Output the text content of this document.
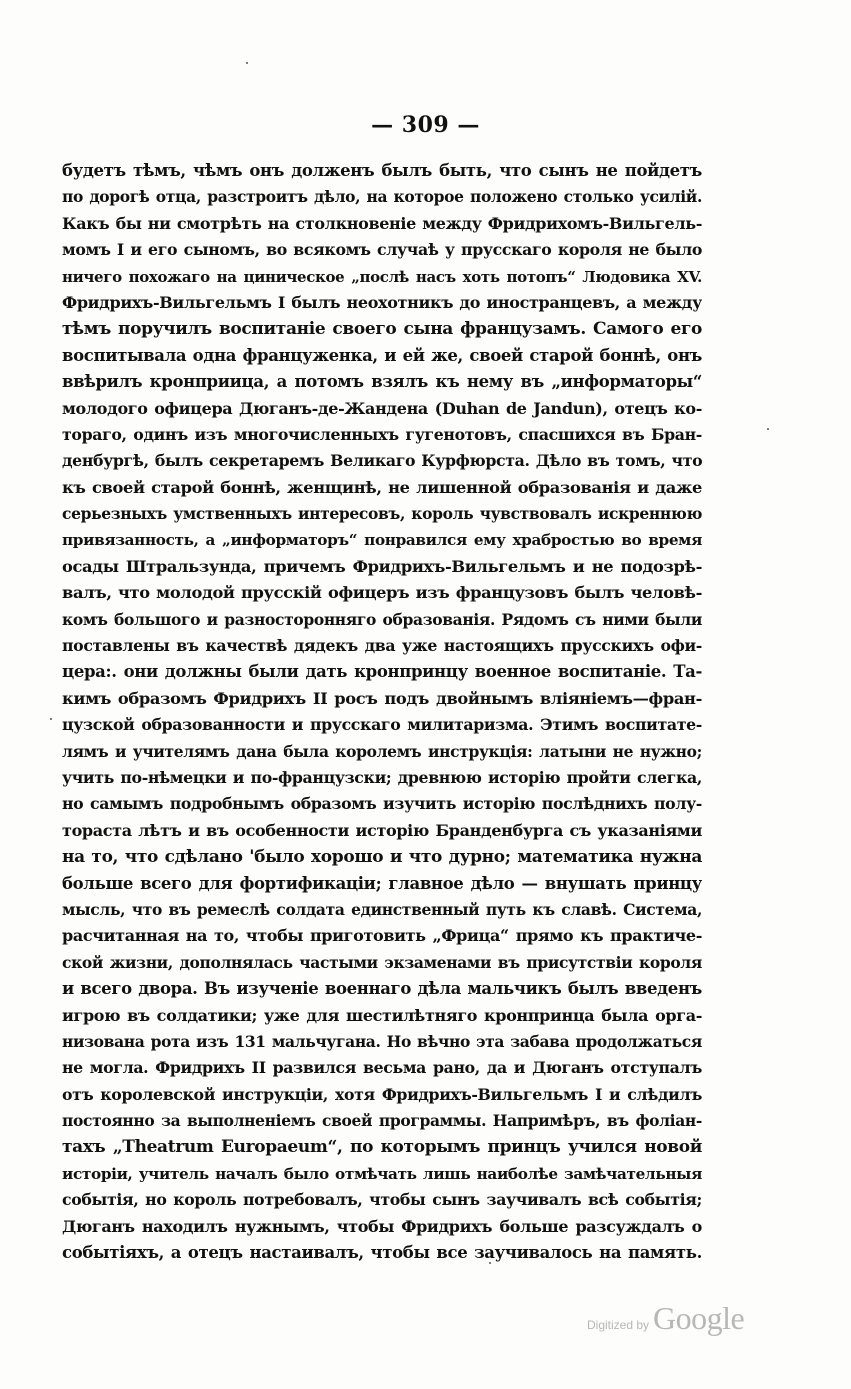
— 309 —
будетъ тѣмъ, чѣмъ онъ долженъ былъ быть, что сынъ не пойдетъ
по дорогѣ отца, разстроитъ дѣло, на которое положено столько усилій.
Какъ бы ни смотрѣть на столкновеніе между Фридрихомъ-Вильгель-
момъ I и его сыномъ, во всякомъ случаѣ у прусскаго короля не было
ничего похожаго на циническое „послѣ насъ хоть потопъ“ Людовика XV.
Фридрихъ-Вильгельмъ I былъ неохотникъ до иностранцевъ, а между
тѣмъ поручилъ воспитаніе своего сына французамъ. Самого его
воспитывала одна француженка, и ей же, своей старой боннѣ, онъ
ввѣрилъ кронприица, а потомъ взялъ къ нему въ „информаторы“
молодого офицера Дюганъ-де-Жандена (Duhan de Jandun), отецъ ко-
тораго, одинъ изъ многочисленныхъ гугенотовъ, спасшихся въ Бран-
денбургѣ, былъ секретаремъ Великаго Курфюрста. Дѣло въ томъ, что
къ своей старой боннѣ, женщинѣ, не лишенной образованія и даже
серьезныхъ умственныхъ интересовъ, король чувствовалъ искреннюю
привязанность, а „информаторъ“ понравился ему храбростью во время
осады Штральзунда, причемъ Фридрихъ-Вильгельмъ и не подозрѣ-
валъ, что молодой прусскій офицеръ изъ французовъ былъ человѣ-
комъ большого и разносторонняго образованія. Рядомъ съ ними были
поставлены въ качествѣ дядекъ два уже настоящихъ прусскихъ офи-
цера:. они должны были дать кронпринцу военное воспитаніе. Та-
кимъ образомъ Фридрихъ II росъ подъ двойнымъ вліяніемъ—фран-
цузской образованности и прусскаго милитаризма. Этимъ воспитате-
лямъ и учителямъ дана была королемъ инструкція: латыни не нужно;
учить по-нѣмецки и по-французски; древнюю исторію пройти слегка,
но самымъ подробнымъ образомъ изучить исторію послѣднихъ полу-
тораста лѣтъ и въ особенности исторію Бранденбурга съ указаніями
на то, что сдѣлано 'было хорошо и что дурно; математика нужна
больше всего для фортификаціи; главное дѣло — внушать принцу
мысль, что въ ремеслѣ солдата единственный путь къ славѣ. Система,
расчитанная на то, чтобы приготовить „Фрица“ прямо къ практиче-
ской жизни, дополнялась частыми экзаменами въ присутствіи короля
и всего двора. Въ изученіе военнаго дѣла мальчикъ былъ введенъ
игрою въ солдатики; уже для шестилѣтняго кронпринца была орга-
низована рота изъ 131 мальчугана. Но вѣчно эта забава продолжаться
не могла. Фридрихъ II развился весьма рано, да и Дюганъ отступалъ
отъ королевской инструкціи, хотя Фридрихъ-Вильгельмъ I и слѣдилъ
постоянно за выполненіемъ своей программы. Напримѣръ, въ фоліан-
тахъ „Theatrum Europaeum“, по которымъ принцъ учился новой
исторіи, учитель началъ было отмѣчать лишь наиболѣе замѣчательныя
событія, но король потребовалъ, чтобы сынъ заучивалъ всѣ событія;
Дюганъ находилъ нужнымъ, чтобы Фридрихъ больше разсуждалъ о
событіяхъ, а отецъ настаивалъ, чтобы все заучивалось на память.
Digitized by Google
